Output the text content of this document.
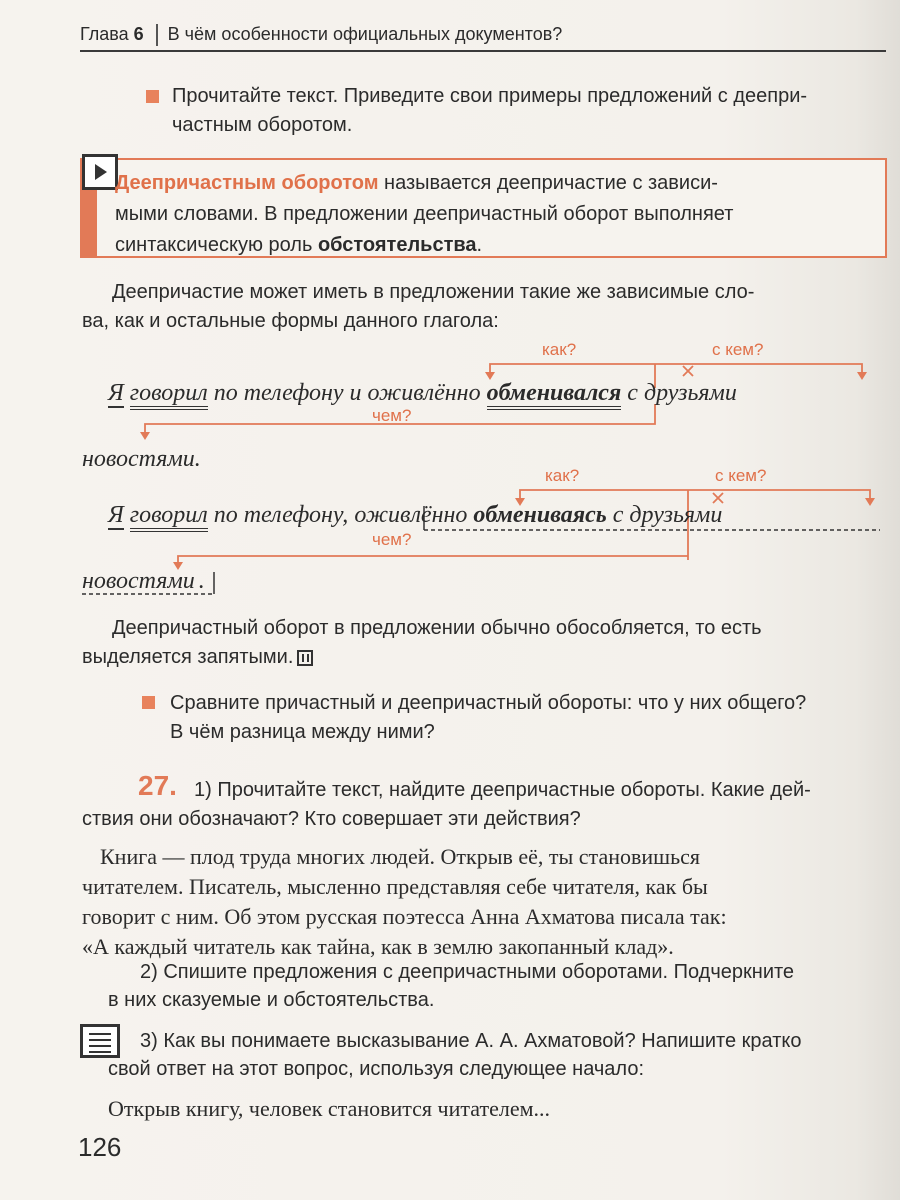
Глава 6 В чём особенности официальных документов?
Прочитайте текст. Приведите свои примеры предложений с деепри-
частным оборотом.
Деепричастным оборотом называется деепричастие с зависи-
мыми словами. В предложении деепричастный оборот выполняет
синтаксическую роль обстоятельства.
Деепричастие может иметь в предложении такие же зависимые сло-
ва, как и остальные формы данного глагола:
как?	с кем?
чем?
Я говорил по телефону и оживлённо обменивался с друзьями
новостями.
как?	с кем?
чем?
Я говорил по телефону, оживлённо обмениваясь с друзьями
новостями .
Деепричастный оборот в предложении обычно обособляется, то есть
выделяется запятыми.
Сравните причастный и деепричастный обороты: что у них общего?
В чём разница между ними?
27. 1) Прочитайте текст, найдите деепричастные обороты. Какие дей-
ствия они обозначают? Кто совершает эти действия?
Книга — плод труда многих людей. Открыв её, ты становишься
читателем. Писатель, мысленно представляя себе читателя, как бы
говорит с ним. Об этом русская поэтесса Анна Ахматова писала так:
«А каждый читатель как тайна, как в землю закопанный клад».
2) Спишите предложения с деепричастными оборотами. Подчеркните
в них сказуемые и обстоятельства.
3) Как вы понимаете высказывание А. А. Ахматовой? Напишите кратко
свой ответ на этот вопрос, используя следующее начало:
Открыв книгу, человек становится читателем...
126
